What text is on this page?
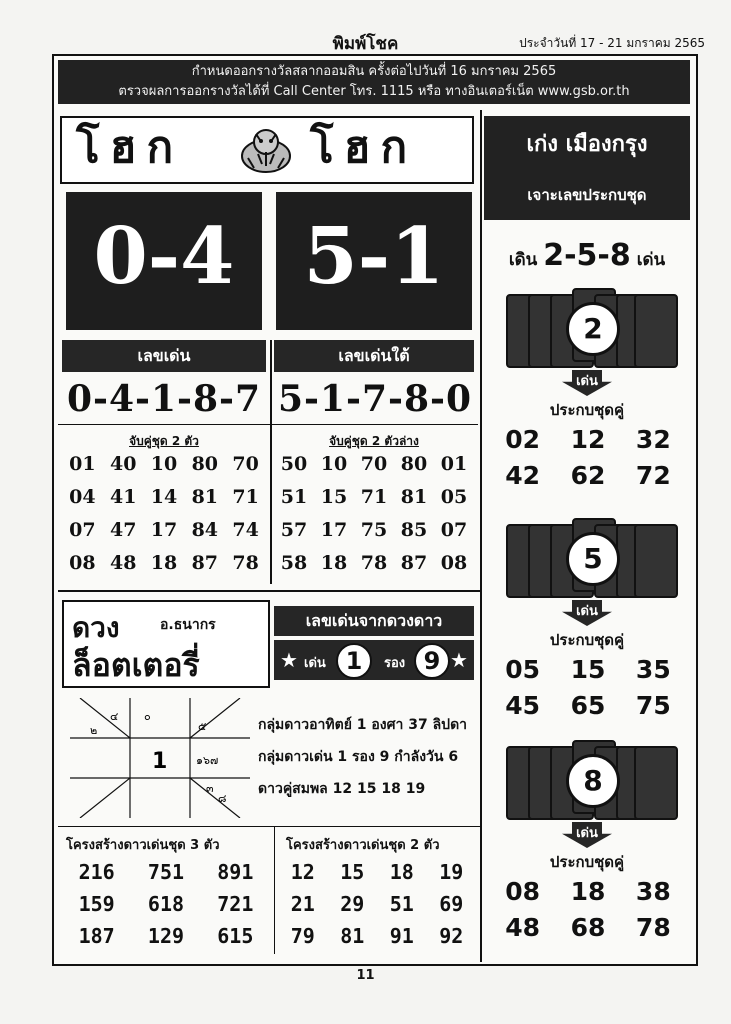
พิมพ์โชค	ประจำวันที่ 17 - 21 มกราคม 2565
กำหนดออกรางวัลสลากออมสิน ครั้งต่อไปวันที่ 16 มกราคม 2565
ตรวจผลการออกรางวัลได้ที่ Call Center โทร. 1115 หรือ ทางอินเตอร์เน็ต www.gsb.or.th
โฮก	โฮก
0-4 5-1
เลขเด่น	เลขเด่นใต้
0-4-1-8-7 5-1-7-8-0
จับคู่ชุด 2 ตัว
01 40 10 80 70
04 41 14 81 71
07 47 17 84 74
08 48 18 87 78
จับคู่ชุด 2 ตัวล่าง
50 10 70 80 01
51 15 71 81 05
57 17 75 85 07
58 18 78 87 08
เก่ง เมืองกรุง
เจาะเลขประกบชุด
เดิน 2-5-8 เด่น
2
เด่น
ประกบชุดคู่
02	12	32
42	62	72
5
เด่น
ประกบชุดคู่
05	15	35
45	65	75
8
เด่น
ประกบชุดคู่
08	18	38
48	68	78
ดวง	อ.ธนากร
ล็อตเตอรี่
เลขเด่นจากดวงดาว
★ เด่น 1	รอง 9 ★
1
๒
๔ ๐
๕
๑๖๗
๓
๘
กลุ่มดาวอาทิตย์ 1 องศา 37 ลิปดา
กลุ่มดาวเด่น 1 รอง 9 กำลังวัน 6
ดาวคู่สมพล 12 15 18 19
โครงสร้างดาวเด่นชุด 3 ตัว
216	751	891
159	618	721
187	129	615
โครงสร้างดาวเด่นชุด 2 ตัว
12	15	18	19
21	29	51	69
79	81	91	92
11
